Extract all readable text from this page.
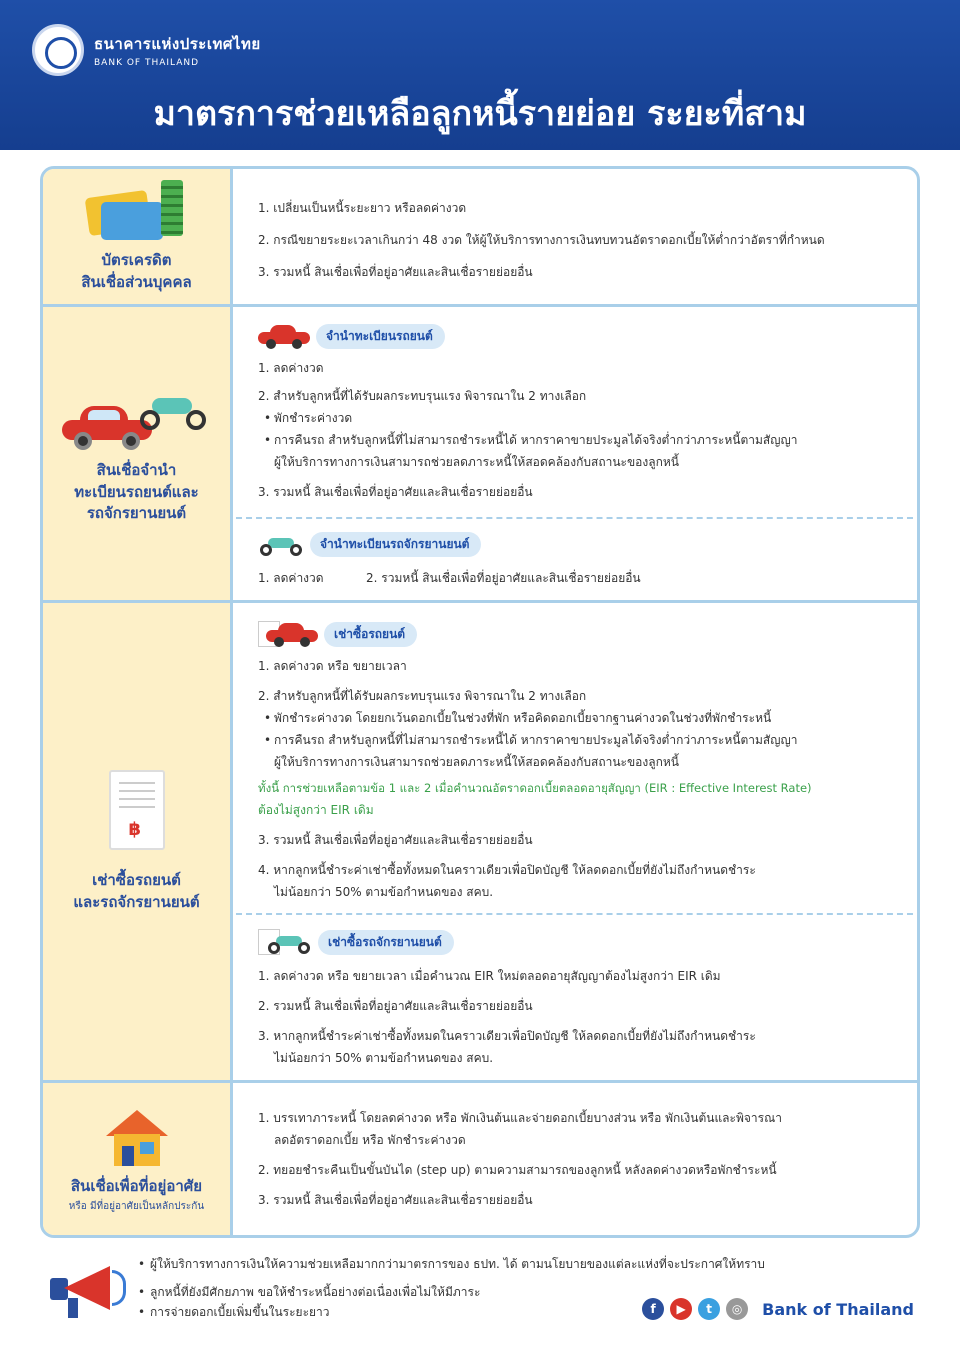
ธนาคารแห่งประเทศไทย
BANK OF THAILAND
มาตรการช่วยเหลือลูกหนี้รายย่อย ระยะที่สาม
บัตรเครดิต
สินเชื่อส่วนบุคคล
1. เปลี่ยนเป็นหนี้ระยะยาว หรือลดค่างวด
2. กรณีขยายระยะเวลาเกินกว่า 48 งวด ให้ผู้ให้บริการทางการเงินทบทวนอัตราดอกเบี้ยให้ต่ำกว่าอัตราที่กำหนด
3. รวมหนี้ สินเชื่อเพื่อที่อยู่อาศัยและสินเชื่อรายย่อยอื่น
สินเชื่อจำนำ
ทะเบียนรถยนต์และ
รถจักรยานยนต์
จำนำทะเบียนรถยนต์
1. ลดค่างวด
2. สำหรับลูกหนี้ที่ได้รับผลกระทบรุนแรง พิจารณาใน 2 ทางเลือก
• พักชำระค่างวด
• การคืนรถ สำหรับลูกหนี้ที่ไม่สามารถชำระหนี้ได้ หากราคาขายประมูลได้จริงต่ำกว่าภาระหนี้ตามสัญญา
ผู้ให้บริการทางการเงินสามารถช่วยลดภาระหนี้ให้สอดคล้องกับสถานะของลูกหนี้
3. รวมหนี้ สินเชื่อเพื่อที่อยู่อาศัยและสินเชื่อรายย่อยอื่น
จำนำทะเบียนรถจักรยานยนต์
1. ลดค่างวด	2. รวมหนี้ สินเชื่อเพื่อที่อยู่อาศัยและสินเชื่อรายย่อยอื่น
฿
เช่าซื้อรถยนต์
และรถจักรยานยนต์
เช่าซื้อรถยนต์
1. ลดค่างวด หรือ ขยายเวลา
2. สำหรับลูกหนี้ที่ได้รับผลกระทบรุนแรง พิจารณาใน 2 ทางเลือก
• พักชำระค่างวด โดยยกเว้นดอกเบี้ยในช่วงที่พัก หรือคิดดอกเบี้ยจากฐานค่างวดในช่วงที่พักชำระหนี้
• การคืนรถ สำหรับลูกหนี้ที่ไม่สามารถชำระหนี้ได้ หากราคาขายประมูลได้จริงต่ำกว่าภาระหนี้ตามสัญญา
ผู้ให้บริการทางการเงินสามารถช่วยลดภาระหนี้ให้สอดคล้องกับสถานะของลูกหนี้
ทั้งนี้ การช่วยเหลือตามข้อ 1 และ 2 เมื่อคำนวณอัตราดอกเบี้ยตลอดอายุสัญญา (EIR : Effective Interest Rate)
ต้องไม่สูงกว่า EIR เดิม
3. รวมหนี้ สินเชื่อเพื่อที่อยู่อาศัยและสินเชื่อรายย่อยอื่น
4. หากลูกหนี้ชำระค่าเช่าซื้อทั้งหมดในคราวเดียวเพื่อปิดบัญชี ให้ลดดอกเบี้ยที่ยังไม่ถึงกำหนดชำระ
ไม่น้อยกว่า 50% ตามข้อกำหนดของ สคบ.
เช่าซื้อรถจักรยานยนต์
1. ลดค่างวด หรือ ขยายเวลา เมื่อคำนวณ EIR ใหม่ตลอดอายุสัญญาต้องไม่สูงกว่า EIR เดิม
2. รวมหนี้ สินเชื่อเพื่อที่อยู่อาศัยและสินเชื่อรายย่อยอื่น
3. หากลูกหนี้ชำระค่าเช่าซื้อทั้งหมดในคราวเดียวเพื่อปิดบัญชี ให้ลดดอกเบี้ยที่ยังไม่ถึงกำหนดชำระ
ไม่น้อยกว่า 50% ตามข้อกำหนดของ สคบ.
สินเชื่อเพื่อที่อยู่อาศัย
หรือ มีที่อยู่อาศัยเป็นหลักประกัน
1. บรรเทาภาระหนี้ โดยลดค่างวด หรือ พักเงินต้นและจ่ายดอกเบี้ยบางส่วน หรือ พักเงินต้นและพิจารณา
ลดอัตราดอกเบี้ย หรือ พักชำระค่างวด
2. ทยอยชำระคืนเป็นขั้นบันได (step up) ตามความสามารถของลูกหนี้ หลังลดค่างวดหรือพักชำระหนี้
3. รวมหนี้ สินเชื่อเพื่อที่อยู่อาศัยและสินเชื่อรายย่อยอื่น
• ผู้ให้บริการทางการเงินให้ความช่วยเหลือมากกว่ามาตรการของ ธปท. ได้ ตามนโยบายของแต่ละแห่งที่จะประกาศให้ทราบ
• ลูกหนี้ที่ยังมีศักยภาพ ขอให้ชำระหนี้อย่างต่อเนื่องเพื่อไม่ให้มีภาระ
• การจ่ายดอกเบี้ยเพิ่มขึ้นในระยะยาว	f	▶	t	◎	Bank of Thailand
